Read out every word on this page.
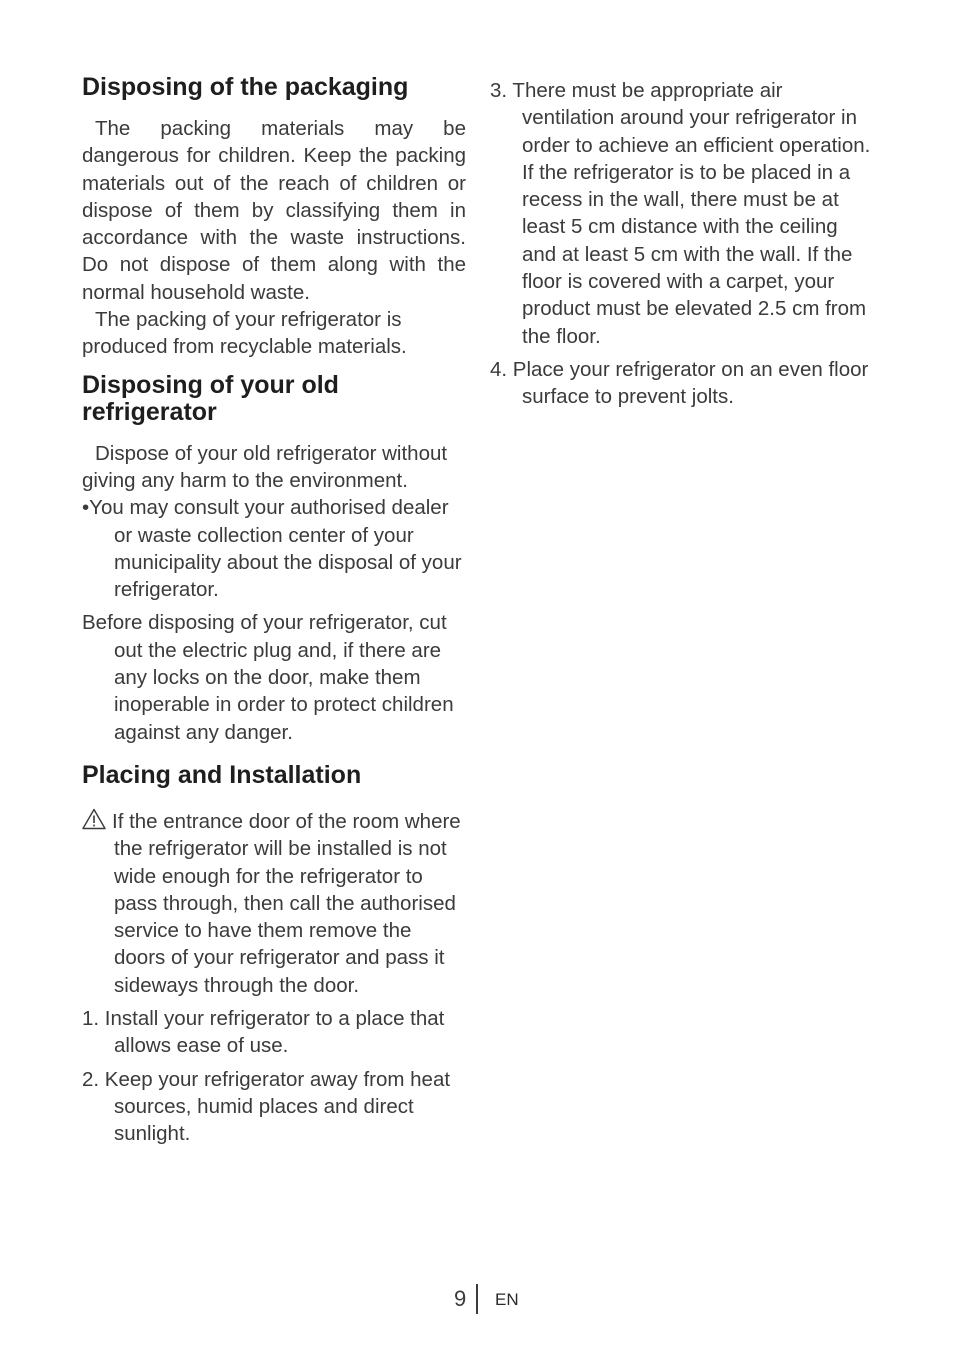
Disposing of the packaging

The packing materials may be dangerous for children. Keep the packing materials out of the reach of children or dispose of them by classifying them in accordance with the waste instructions. Do not dispose of them along with the normal household waste.

The packing of your refrigerator is produced from recyclable materials.

Disposing of your old refrigerator

Dispose of your old refrigerator without giving any harm to the environment.

•You may consult your authorised dealer or waste collection center of your municipality about the disposal of your refrigerator.

Before disposing of your refrigerator, cut out the electric plug and, if there are any locks on the door, make them inoperable in order to protect children against any danger.

Placing and Installation

If the entrance door of the room where the refrigerator will be installed is not wide enough for the refrigerator to pass through, then call the authorised service to have them remove the doors of your refrigerator and pass it sideways through the door.

1. Install your refrigerator to a place that allows ease of use.

2. Keep your refrigerator away from heat sources, humid places and direct sunlight.

3. There must be appropriate air ventilation around your refrigerator in order to achieve an efficient operation. If the refrigerator is to be placed in a recess in the wall, there must be at least 5 cm distance with the ceiling and at least 5 cm with the wall. If the floor is covered with a carpet, your product must be elevated 2.5 cm from the floor.

4. Place your refrigerator on an even floor surface to prevent jolts.

9 EN
